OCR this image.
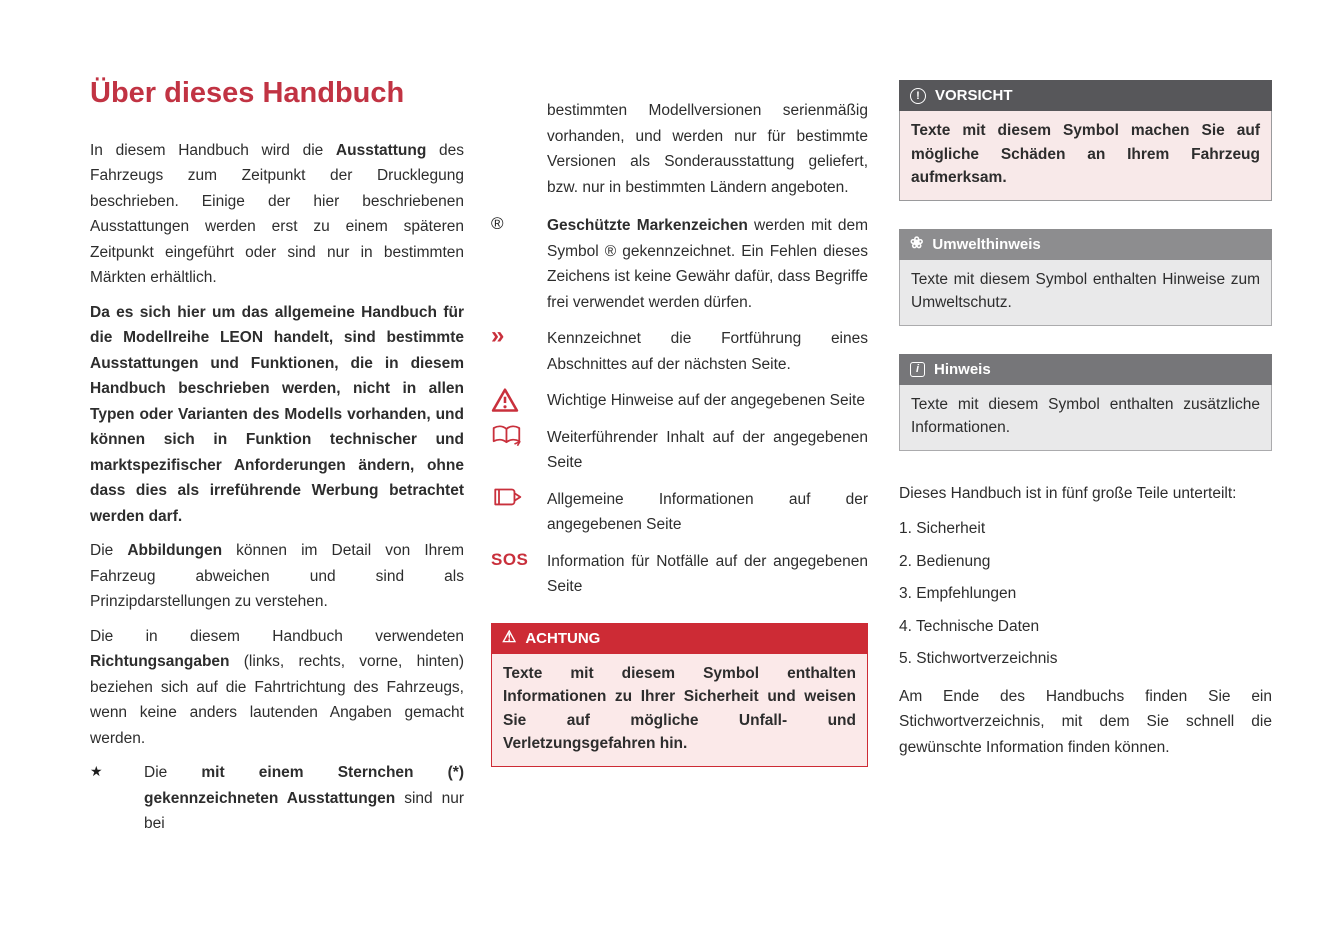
Über dieses Handbuch

In diesem Handbuch wird die Ausstattung des Fahrzeugs zum Zeitpunkt der Drucklegung beschrieben. Einige der hier beschriebenen Ausstattungen werden erst zu einem späteren Zeitpunkt eingeführt oder sind nur in bestimmten Märkten erhältlich.

Da es sich hier um das allgemeine Handbuch für die Modellreihe LEON handelt, sind bestimmte Ausstattungen und Funktionen, die in diesem Handbuch beschrieben werden, nicht in allen Typen oder Varianten des Modells vorhanden, und können sich in Funktion technischer und marktspezifischer Anforderungen ändern, ohne dass dies als irreführende Werbung betrachtet werden darf.

Die Abbildungen können im Detail von Ihrem Fahrzeug abweichen und sind als Prinzipdarstellungen zu verstehen.

Die in diesem Handbuch verwendeten Richtungsangaben (links, rechts, vorne, hinten) beziehen sich auf die Fahrtrichtung des Fahrzeugs, wenn keine anders lautenden Angaben gemacht werden.

★	Die mit einem Sternchen (*) gekennzeichneten Ausstattungen sind nur bei

bestimmten Modellversionen serienmäßig vorhanden, und werden nur für bestimmte Versionen als Sonderausstattung geliefert, bzw. nur in bestimmten Ländern angeboten.

®	Geschützte Markenzeichen werden mit dem Symbol ® gekennzeichnet. Ein Fehlen dieses Zeichens ist keine Gewähr dafür, dass Begriffe frei verwendet werden dürfen.

»	Kennzeichnet die Fortführung eines Abschnittes auf der nächsten Seite.

Wichtige Hinweise auf der angegebenen Seite

Weiterführender Inhalt auf der angegebenen Seite

Allgemeine Informationen auf der angegebenen Seite

SOS	Information für Notfälle auf der angegebenen Seite

⚠ ACHTUNG
Texte mit diesem Symbol enthalten Informationen zu Ihrer Sicherheit und weisen Sie auf mögliche Unfall- und Verletzungsgefahren hin.
!	VORSICHT
Texte mit diesem Symbol machen Sie auf mögliche Schäden an Ihrem Fahrzeug aufmerksam.
❀ Umwelthinweis
Texte mit diesem Symbol enthalten Hinweise zum Umweltschutz.
i Hinweis
Texte mit diesem Symbol enthalten zusätzliche Informationen.

Dieses Handbuch ist in fünf große Teile unterteilt:

1. Sicherheit

2. Bedienung

3. Empfehlungen

4. Technische Daten

5. Stichwortverzeichnis

Am Ende des Handbuchs finden Sie ein Stichwortverzeichnis, mit dem Sie schnell die gewünschte Information finden können.
